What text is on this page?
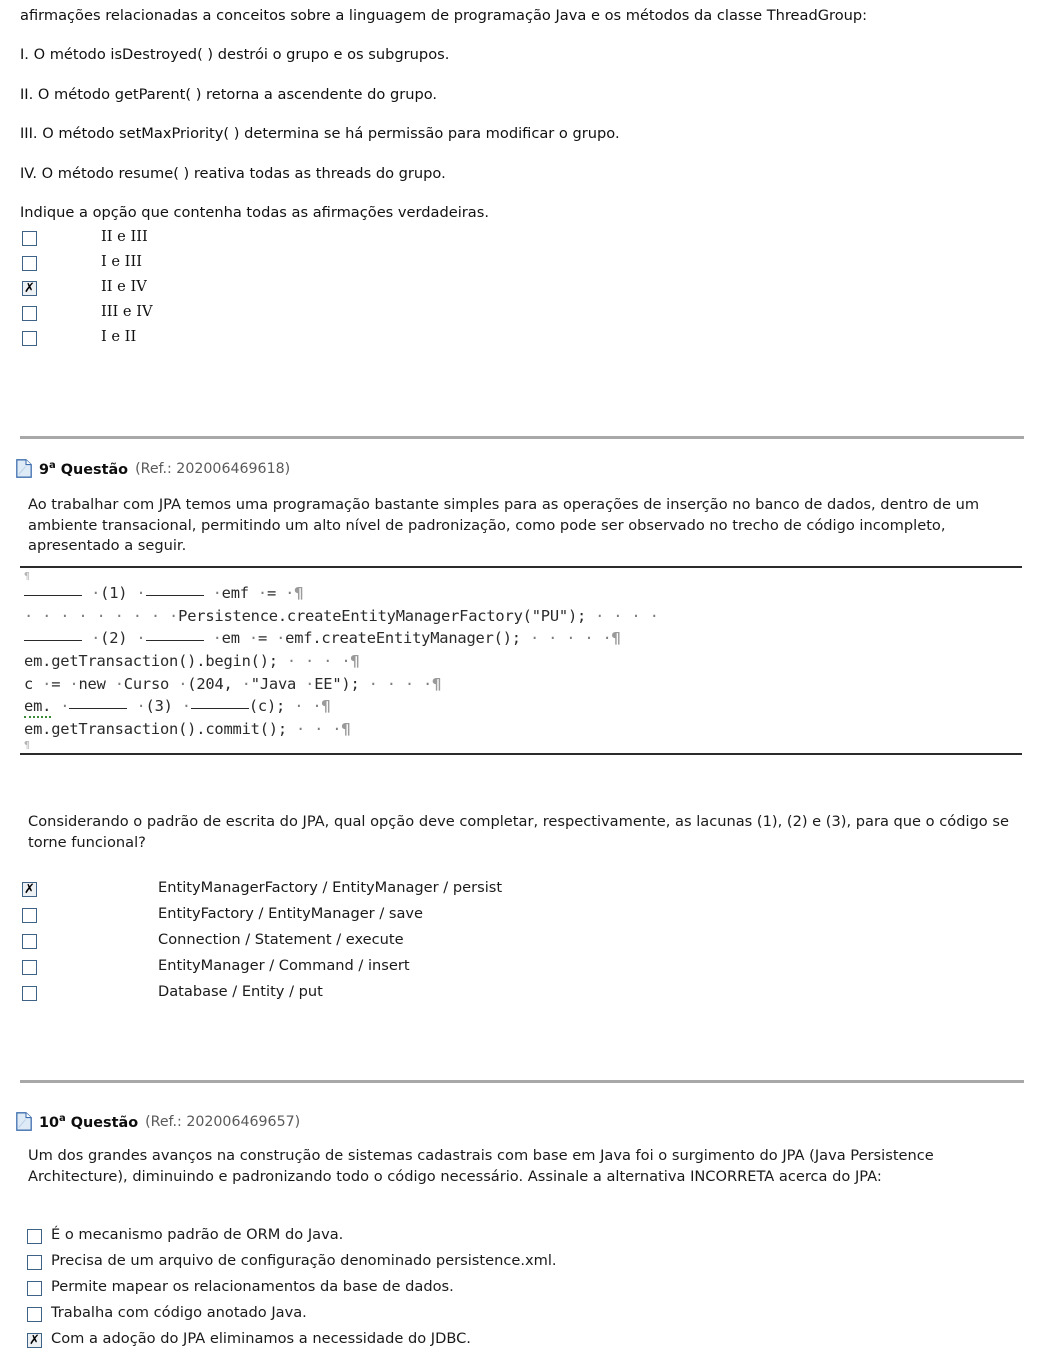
afirmações relacionadas a conceitos sobre a linguagem de programação Java e os métodos da classe ThreadGroup:

I. O método isDestroyed( ) destrói o grupo e os subgrupos.

II. O método getParent( ) retorna a ascendente do grupo.

III. O método setMaxPriority( ) determina se há permissão para modificar o grupo.

IV. O método resume( ) reativa todas as threads do grupo.

Indique a opção que contenha todas as afirmações verdadeiras.

II e III
I e III
✗
II e IV
III e IV
I e II
9$^a$ Questão (Ref.: 202006469618)
Ao trabalhar com JPA temos uma programação bastante simples para as operações de inserção no banco de dados, dentro de um ambiente transacional, permitindo um alto nível de padronização, como pode ser observado no trecho de código incompleto, apresentado a seguir.
¶
·(1) ·	·emf ·= ·¶
· · · · · · · · ·Persistence.createEntityManagerFactory("PU"); · · · ·
·(2) ·	·em ·= ·emf.createEntityManager(); · · · · ·¶
em.getTransaction().begin(); · · · ·¶
c ·= ·new ·Curso ·(204, ·"Java ·EE"); · · · ·¶
em. ·	·(3) ·	(c); · ·¶
em.getTransaction().commit(); · · ·¶
¶
Considerando o padrão de escrita do JPA, qual opção deve completar, respectivamente, as lacunas (1), (2) e (3), para que o código se torne funcional?
✗
EntityManagerFactory / EntityManager / persist
EntityFactory / EntityManager / save
Connection / Statement / execute
EntityManager / Command / insert
Database / Entity / put
10$^a$ Questão (Ref.: 202006469657)
Um dos grandes avanços na construção de sistemas cadastrais com base em Java foi o surgimento do JPA (Java Persistence Architecture), diminuindo e padronizando todo o código necessário. Assinale a alternativa INCORRETA acerca do JPA:
É o mecanismo padrão de ORM do Java.
Precisa de um arquivo de configuração denominado persistence.xml.
Permite mapear os relacionamentos da base de dados.
Trabalha com código anotado Java.
✗
Com a adoção do JPA eliminamos a necessidade do JDBC.
